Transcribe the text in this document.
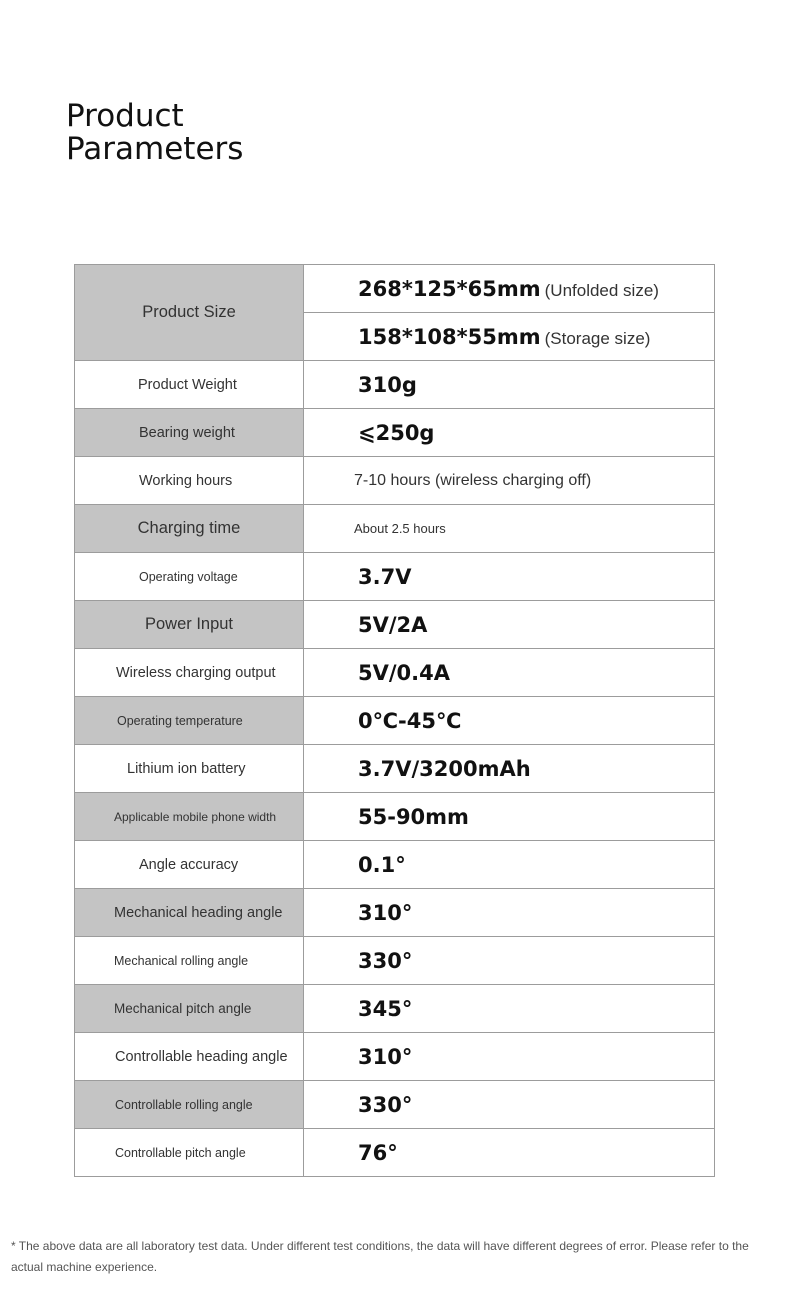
Product
Parameters
Product Size	268*125*65mm (Unfolded size)
	158*108*55mm (Storage size)
Product Weight	310g
Bearing weight	⩽250g
Working hours	7-10 hours (wireless charging off)
Charging time	About 2.5 hours
Operating voltage	3.7V
Power Input	5V/2A
Wireless charging output	5V/0.4A
Operating temperature	0℃-45℃
Lithium ion battery	3.7V/3200mAh
Applicable mobile phone width	55-90mm
Angle accuracy	0.1°
Mechanical heading angle	310°
Mechanical rolling angle	330°
Mechanical pitch angle	345°
Controllable heading angle	310°
Controllable rolling angle	330°
Controllable pitch angle	76°

* The above data are all laboratory test data. Under different test conditions, the data will have different degrees of error. Please refer to the actual machine experience.
